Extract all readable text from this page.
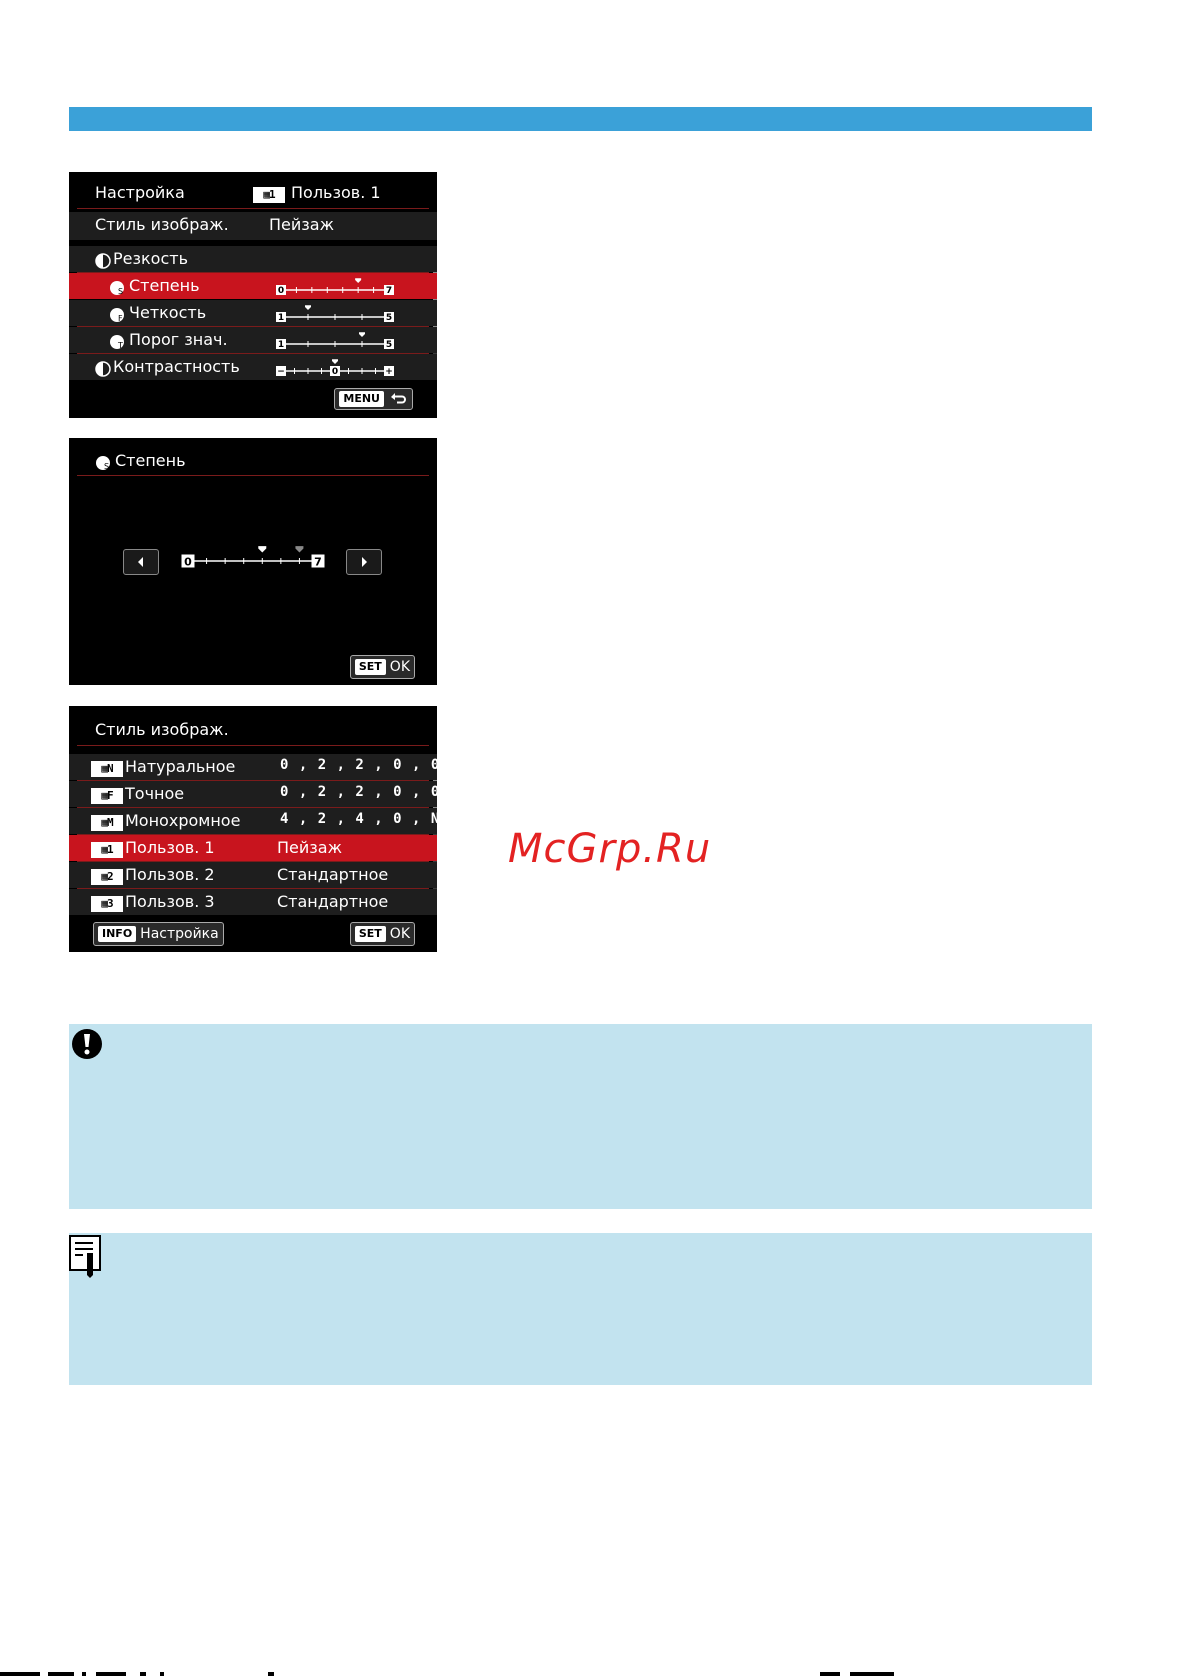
Настройка	▦1	Пользов. 1
Стиль изображ.	Пейзаж
Резкость
S Степень	0	7
F Четкость	1	5
T Порог знач.	1	5
Контрастность	−	+
0
MENU
S Степень
0	7
SET OK
Стиль изображ.
▦N Натуральное	0 , 2 , 2 , 0 , 0 , 0
▦F Точное	0 , 2 , 2 , 0 , 0 , 0
▦M Монохромное	4 , 2 , 4 , 0 , N , N
▦1 Пользов. 1	Пейзаж
▦2 Пользов. 2	Стандартное
▦3 Пользов. 3	Стандартное
INFO Настройка	SET OK
McGrp.Ru
